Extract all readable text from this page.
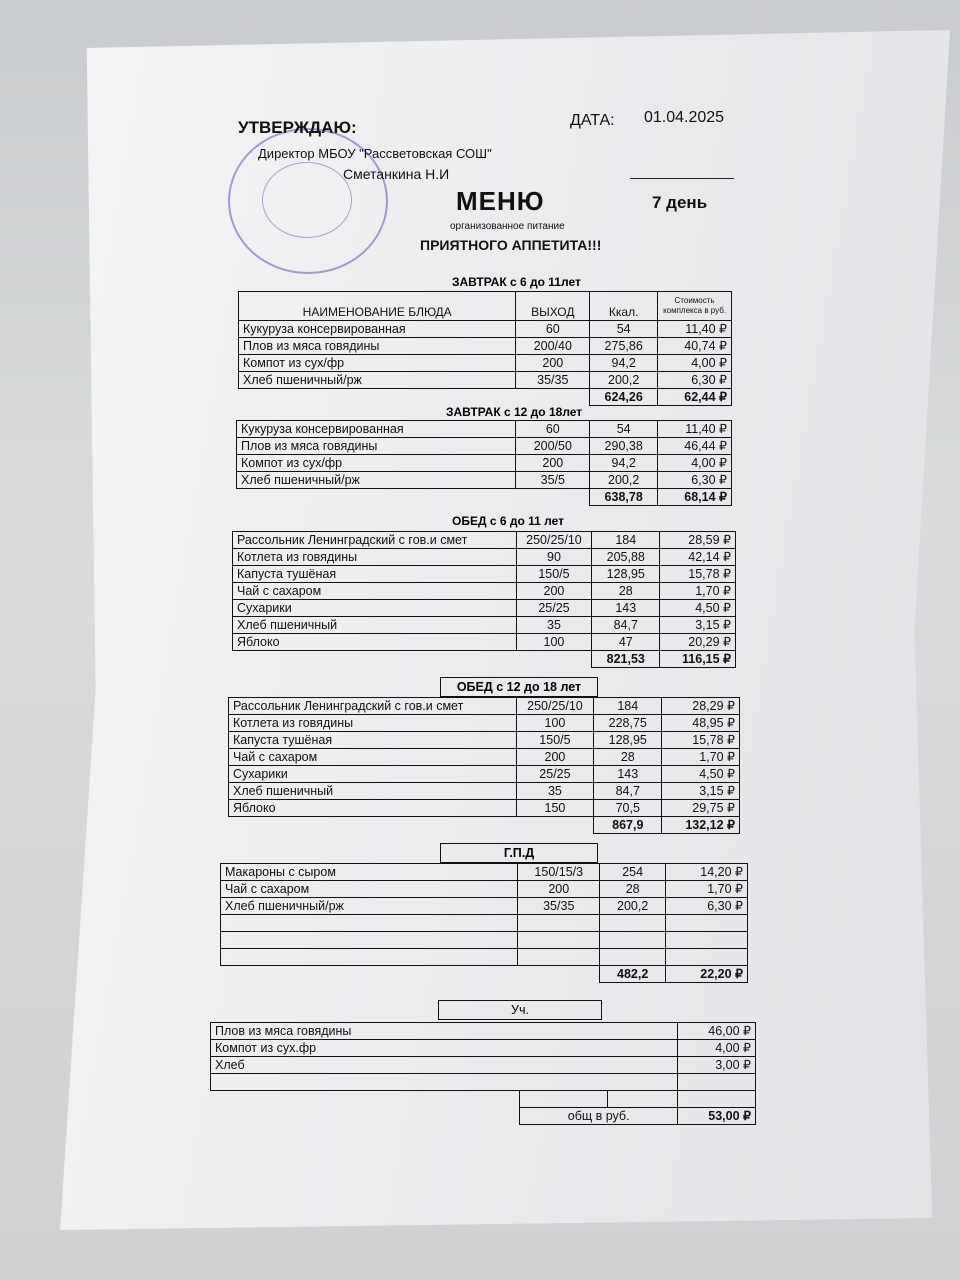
УТВЕРЖДАЮ:
Директор МБОУ "Рассветовская СОШ"
Сметанкина Н.И
ДАТА: 01.04.2025
МЕНЮ	7 день
организованное питание
ПРИЯТНОГО АППЕТИТА!!!
ЗАВТРАК с 6 до 11лет
НАИМЕНОВАНИЕ БЛЮДА	ВЫХОД	Ккал.	Стоимость комплекса в руб.
Кукуруза консервированная	60	54	11,40 ₽
Плов из мяса говядины	200/40	275,86	40,74 ₽
Компот из сух/фр	200	94,2	4,00 ₽
Хлеб пшеничный/рж	35/35	200,2	6,30 ₽
		624,26	62,44 ₽
ЗАВТРАК с 12 до 18лет
Кукуруза консервированная	60	54	11,40 ₽
Плов из мяса говядины	200/50	290,38	46,44 ₽
Компот из сух/фр	200	94,2	4,00 ₽
Хлеб пшеничный/рж	35/5	200,2	6,30 ₽
		638,78	68,14 ₽
ОБЕД с 6 до 11 лет
Рассольник Ленинградский с гов.и смет	250/25/10	184	28,59 ₽
Котлета из говядины	90	205,88	42,14 ₽
Капуста тушёная	150/5	128,95	15,78 ₽
Чай с сахаром	200	28	1,70 ₽
Сухарики	25/25	143	4,50 ₽
Хлеб пшеничный	35	84,7	3,15 ₽
Яблоко	100	47	20,29 ₽
		821,53	116,15 ₽
ОБЕД с 12 до 18 лет
Рассольник Ленинградский с гов.и смет	250/25/10	184	28,29 ₽
Котлета из говядины	100	228,75	48,95 ₽
Капуста тушёная	150/5	128,95	15,78 ₽
Чай с сахаром	200	28	1,70 ₽
Сухарики	25/25	143	4,50 ₽
Хлеб пшеничный	35	84,7	3,15 ₽
Яблоко	150	70,5	29,75 ₽
		867,9	132,12 ₽
Г.П.Д
Макароны с сыром	150/15/3	254	14,20 ₽
Чай с сахаром	200	28	1,70 ₽
Хлеб пшеничный/рж	35/35	200,2	6,30 ₽

		482,2	22,20 ₽
Уч.
Плов из мяса говядины			46,00 ₽
Компот из сух.фр			4,00 ₽
Хлеб			3,00 ₽

	общ в руб.		53,00 ₽
